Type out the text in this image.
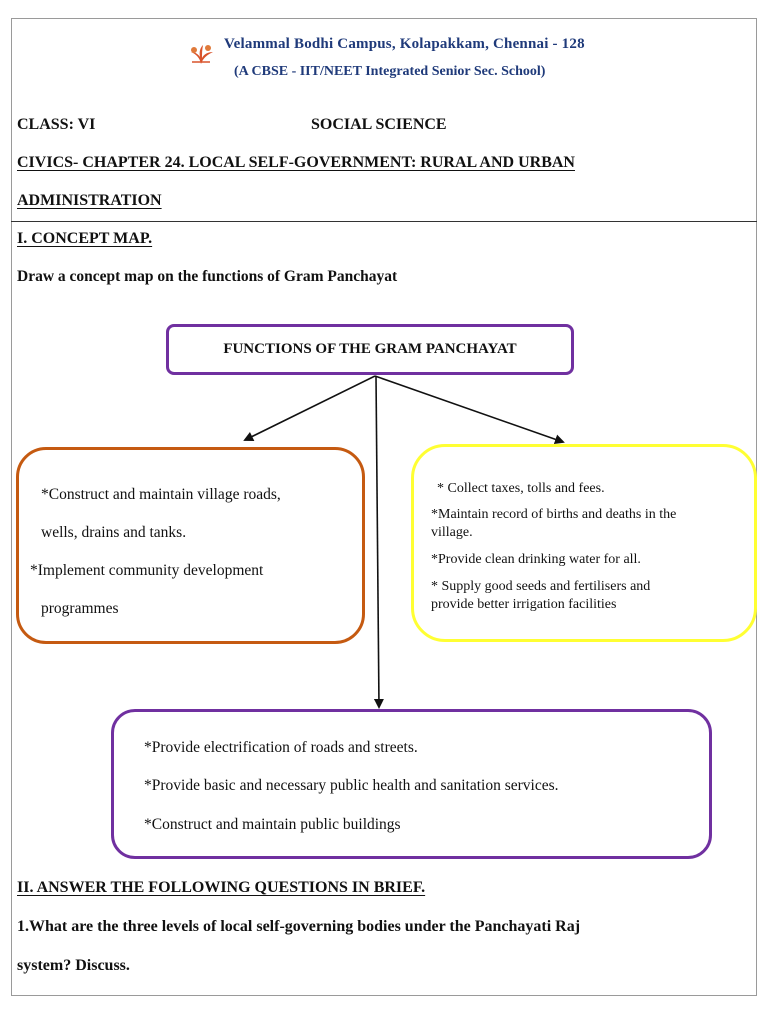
Velammal Bodhi Campus, Kolapakkam, Chennai - 128
(A CBSE - IIT/NEET Integrated Senior Sec. School)
CLASS: VI	SOCIAL SCIENCE
CIVICS- CHAPTER 24. LOCAL SELF-GOVERNMENT: RURAL AND URBAN
ADMINISTRATION
I. CONCEPT MAP.
Draw a concept map on the functions of Gram Panchayat
FUNCTIONS OF THE GRAM PANCHAYAT
*Construct and maintain village roads,
wells, drains and tanks.
*Implement community development
programmes
* Collect taxes, tolls and fees.
*Maintain record of births and deaths in the
village.
*Provide clean drinking water for all.
* Supply good seeds and fertilisers and
provide better irrigation facilities
*Provide electrification of roads and streets.
*Provide basic and necessary public health and sanitation services.
*Construct and maintain public buildings
II. ANSWER THE FOLLOWING QUESTIONS IN BRIEF.
1.What are the three levels of local self-governing bodies under the Panchayati Raj
system? Discuss.
